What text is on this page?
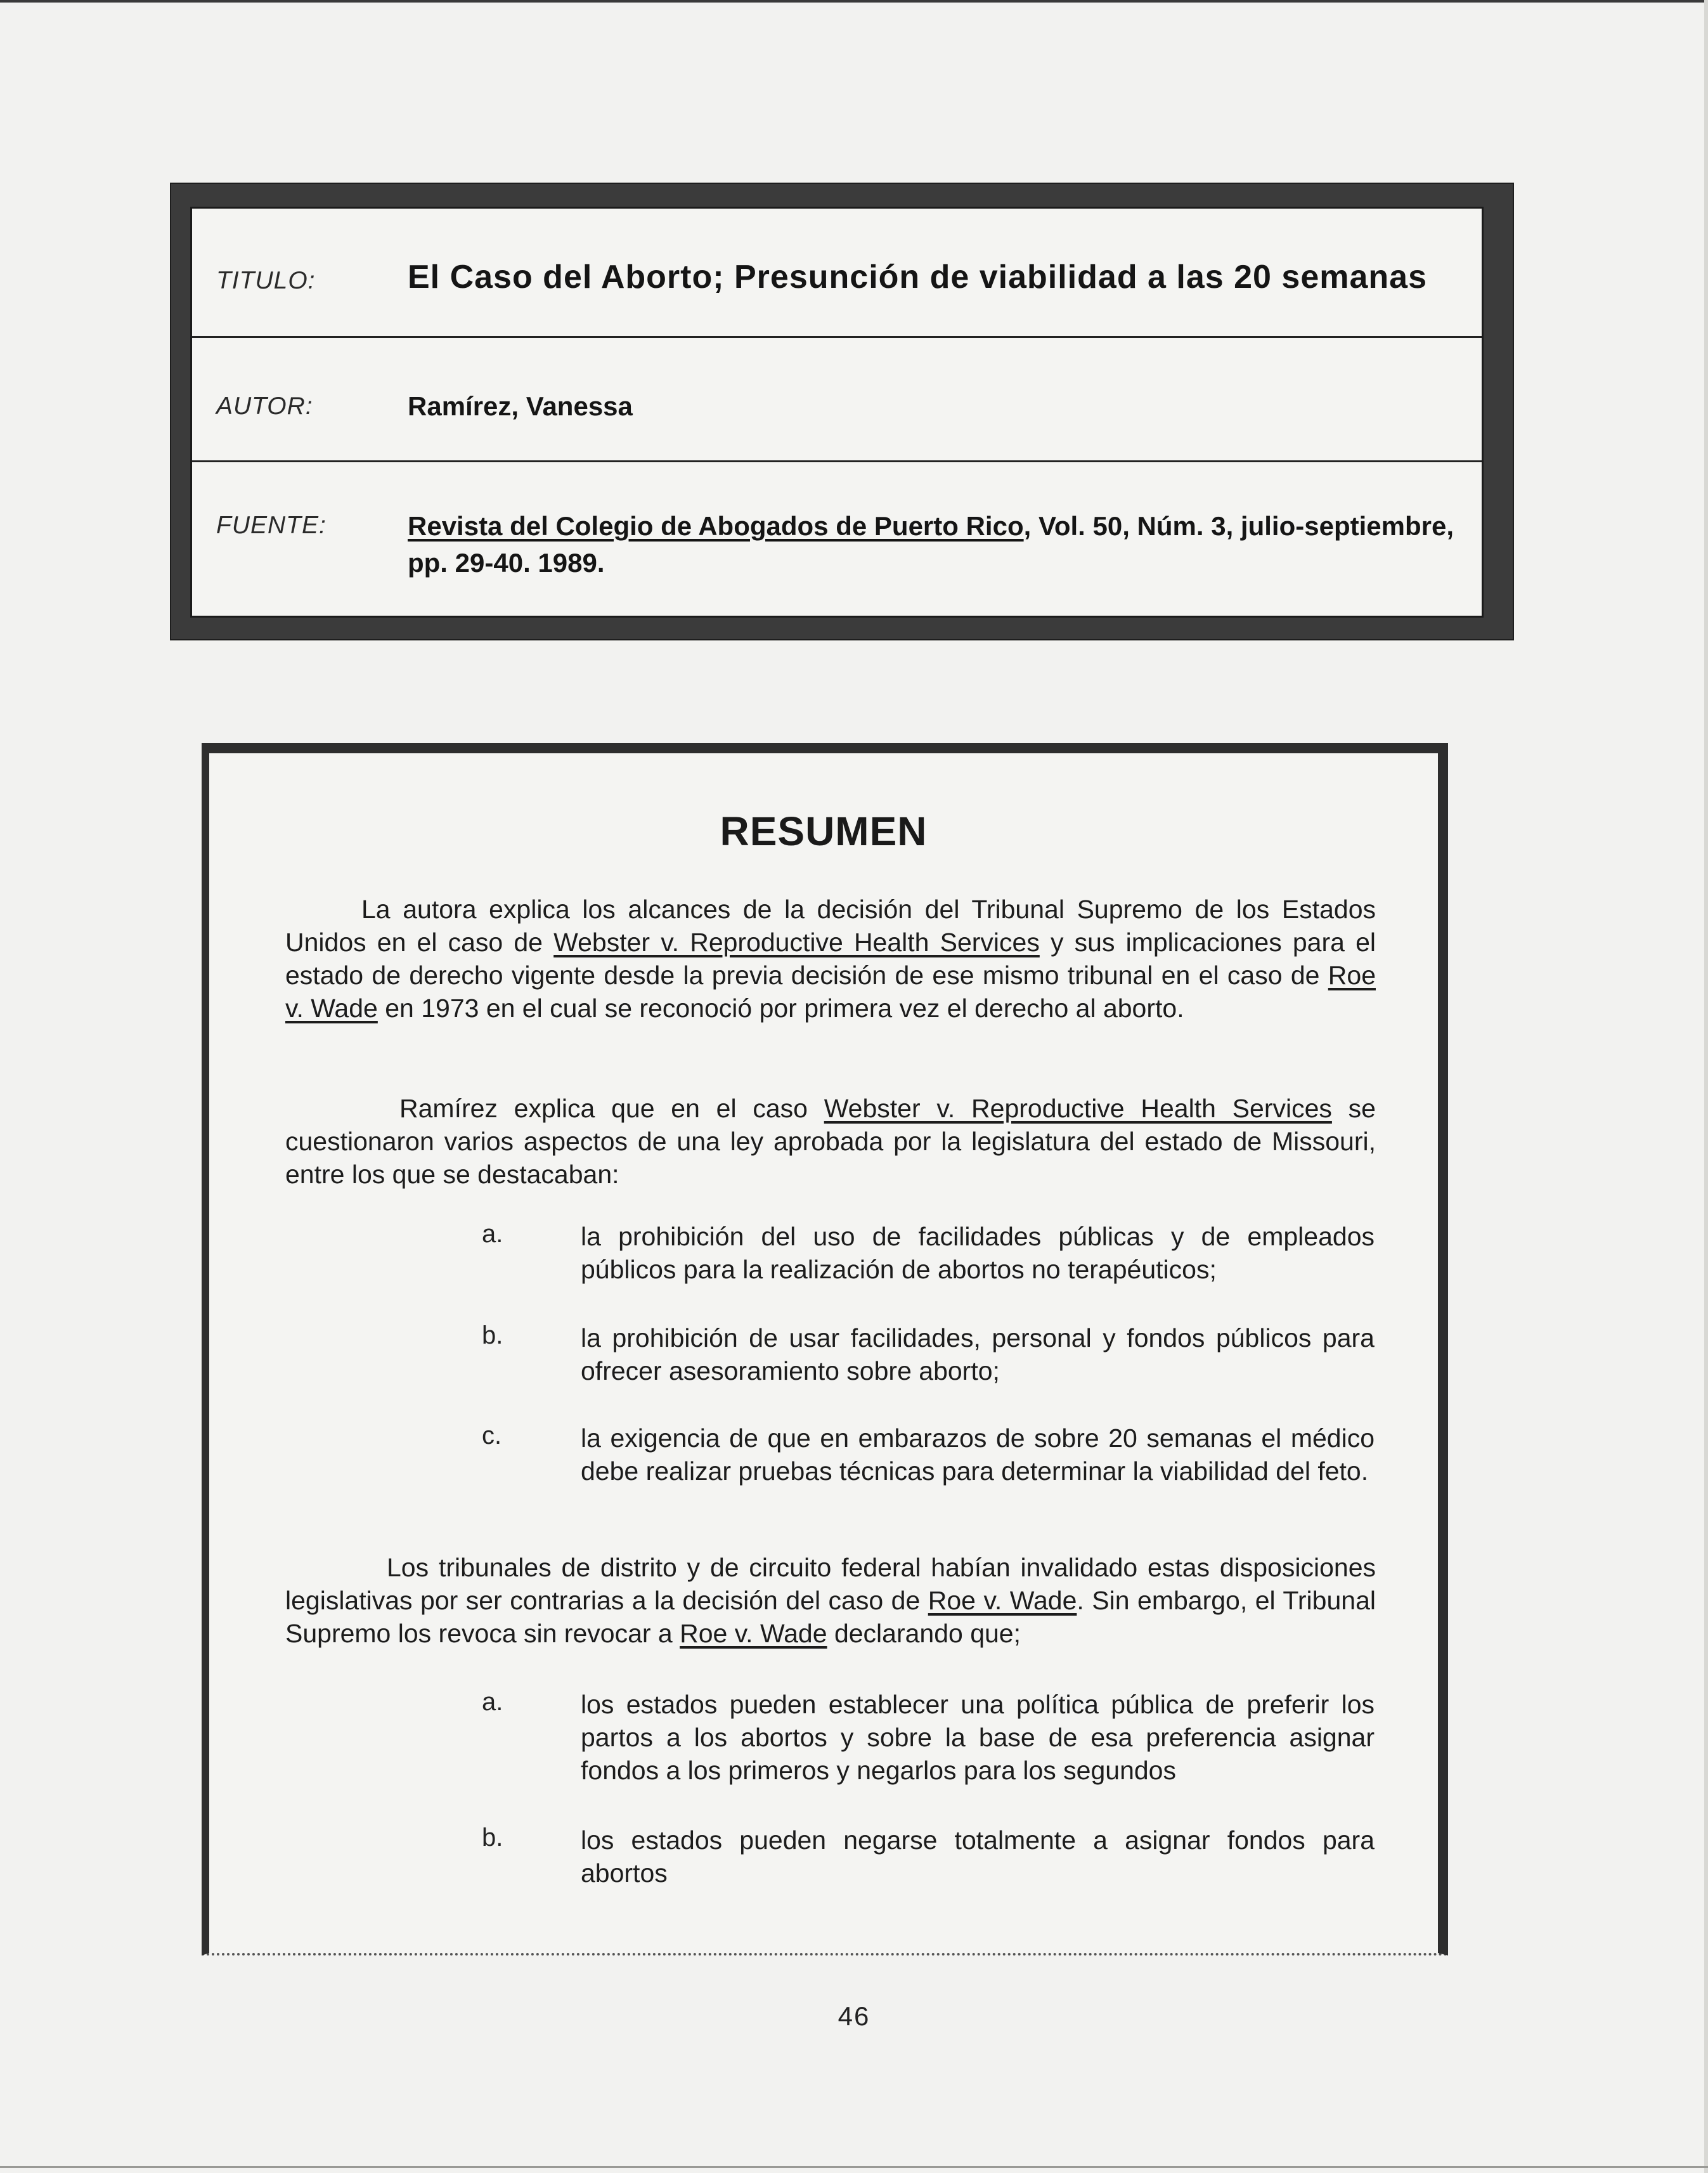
TITULO:	El Caso del Aborto; Presunción de viabilidad a las 20 semanas
AUTOR:	Ramírez, Vanessa
FUENTE:	Revista del Colegio de Abogados de Puerto Rico, Vol. 50, Núm. 3, julio-septiembre, pp. 29-40. 1989.
RESUMEN
La autora explica los alcances de la decisión del Tribunal Supremo de los Estados Unidos en el caso de Webster v. Reproductive Health Services y sus implicaciones para el estado de derecho vigente desde la previa decisión de ese mismo tribunal en el caso de Roe v. Wade en 1973 en el cual se reconoció por primera vez el derecho al aborto.
Ramírez explica que en el caso Webster v. Reproductive Health Services se cuestionaron varios aspectos de una ley aprobada por la legislatura del estado de Missouri, entre los que se destacaban:
a.	la prohibición del uso de facilidades públicas y de empleados públicos para la realización de abortos no terapéuticos;
b.	la prohibición de usar facilidades, personal y fondos públicos para ofrecer asesoramiento sobre aborto;
c.	la exigencia de que en embarazos de sobre 20 semanas el médico debe realizar pruebas técnicas para determinar la viabilidad del feto.
Los tribunales de distrito y de circuito federal habían invalidado estas disposiciones legislativas por ser contrarias a la decisión del caso de Roe v. Wade. Sin embargo, el Tribunal Supremo los revoca sin revocar a Roe v. Wade declarando que;
a.	los estados pueden establecer una política pública de preferir los partos a los abortos y sobre la base de esa preferencia asignar fondos a los primeros y negarlos para los segundos
b.	los estados pueden negarse totalmente a asignar fondos para abortos
46
